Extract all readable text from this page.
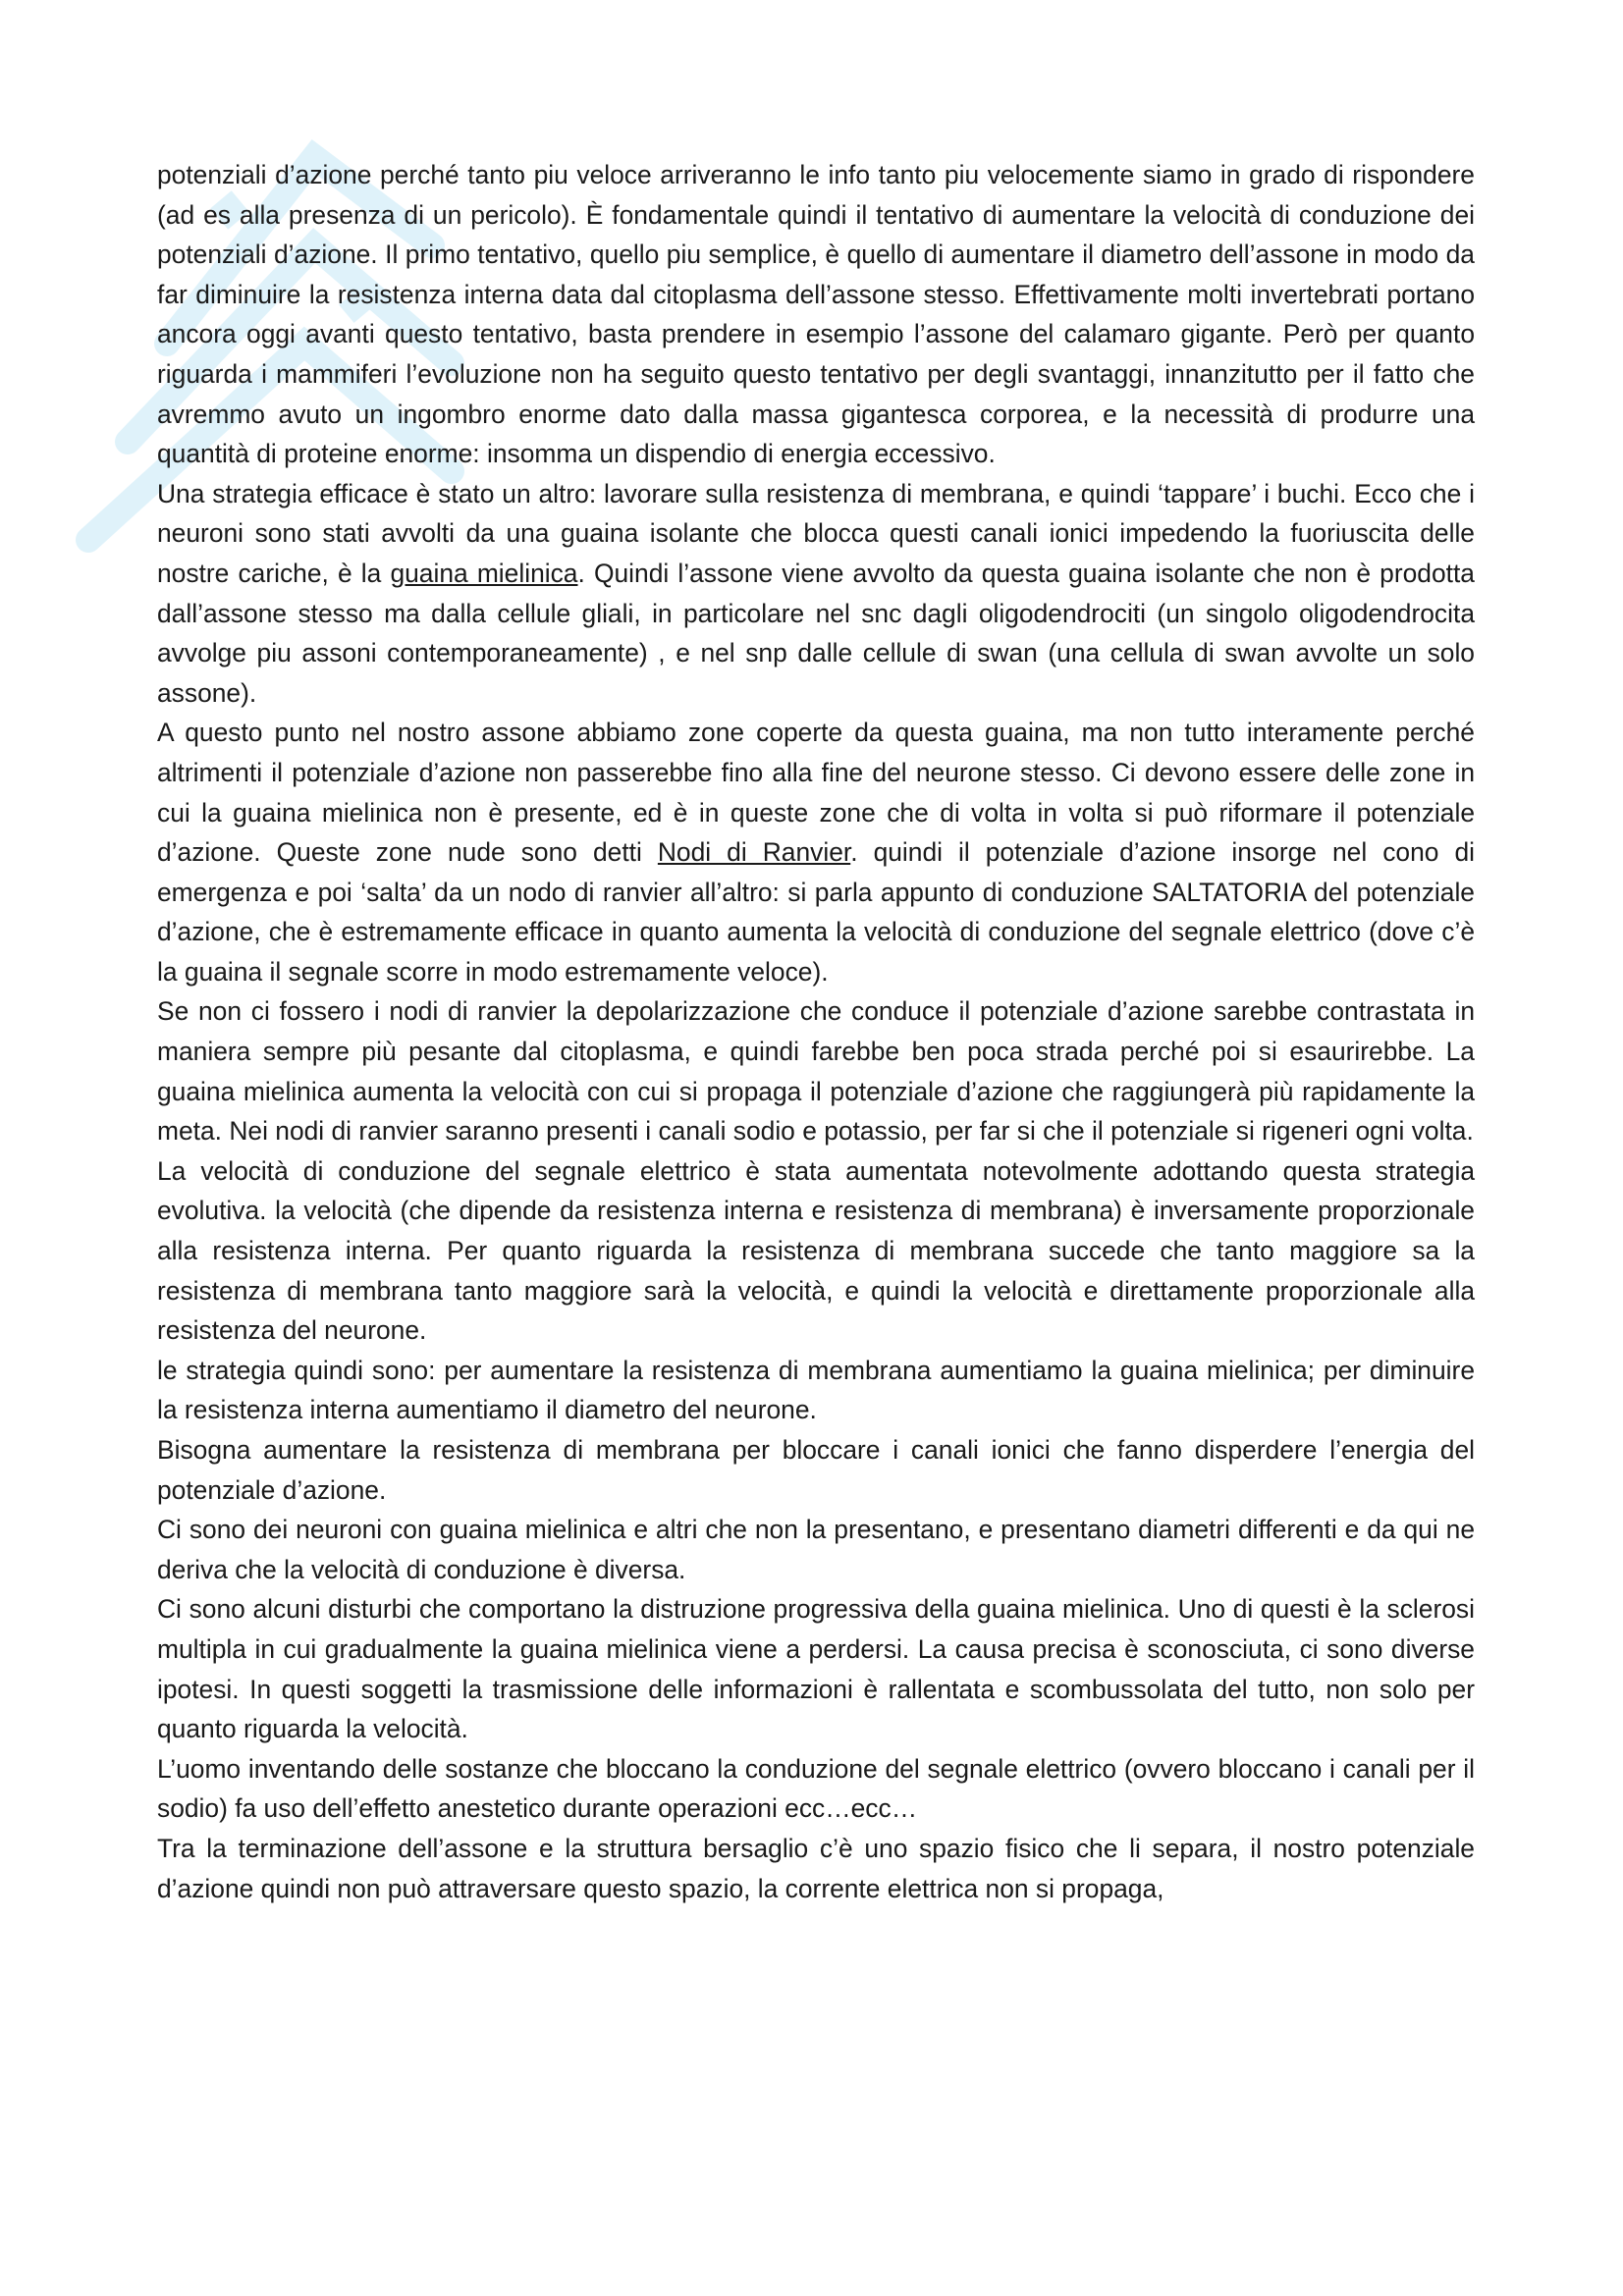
potenziali d’azione perché tanto piu veloce arriveranno le info tanto piu velocemente siamo in grado di rispondere (ad es alla presenza di un pericolo). È fondamentale quindi il tentativo di aumentare la velocità di conduzione dei potenziali d’azione. Il primo tentativo, quello piu semplice, è quello di aumentare il diametro dell’assone in modo da far diminuire la resistenza interna data dal citoplasma dell’assone stesso. Effettivamente molti invertebrati portano ancora oggi avanti questo tentativo, basta prendere in esempio l’assone del calamaro gigante. Però per quanto riguarda i mammiferi l’evoluzione non ha seguito questo tentativo per degli svantaggi, innanzitutto per il fatto che avremmo avuto un ingombro enorme dato dalla massa gigantesca corporea, e la necessità di produrre una quantità di proteine enorme: insomma un dispendio di energia eccessivo.

Una strategia efficace è stato un altro: lavorare sulla resistenza di membrana, e quindi ‘tappare’ i buchi. Ecco che i neuroni sono stati avvolti da una guaina isolante che blocca questi canali ionici impedendo la fuoriuscita delle nostre cariche, è la guaina mielinica. Quindi l’assone viene avvolto da questa guaina isolante che non è prodotta dall’assone stesso ma dalla cellule gliali, in particolare nel snc dagli oligodendrociti (un singolo oligodendrocita avvolge piu assoni contemporaneamente) , e nel snp dalle cellule di swan (una cellula di swan avvolte un solo assone).

A questo punto nel nostro assone abbiamo zone coperte da questa guaina, ma non tutto interamente perché altrimenti il potenziale d’azione non passerebbe fino alla fine del neurone stesso. Ci devono essere delle zone in cui la guaina mielinica non è presente, ed è in queste zone che di volta in volta si può riformare il potenziale d’azione. Queste zone nude sono detti Nodi di Ranvier. quindi il potenziale d’azione insorge nel cono di emergenza e poi ‘salta’ da un nodo di ranvier all’altro: si parla appunto di conduzione SALTATORIA del potenziale d’azione, che è estremamente efficace in quanto aumenta la velocità di conduzione del segnale elettrico (dove c’è la guaina il segnale scorre in modo estremamente veloce).

Se non ci fossero i nodi di ranvier la depolarizzazione che conduce il potenziale d’azione sarebbe contrastata in maniera sempre più pesante dal citoplasma, e quindi farebbe ben poca strada perché poi si esaurirebbe. La guaina mielinica aumenta la velocità con cui si propaga il potenziale d’azione che raggiungerà più rapidamente la meta. Nei nodi di ranvier saranno presenti i canali sodio e potassio, per far si che il potenziale si rigeneri ogni volta.

La velocità di conduzione del segnale elettrico è stata aumentata notevolmente adottando questa strategia evolutiva. la velocità (che dipende da resistenza interna e resistenza di membrana) è inversamente proporzionale alla resistenza interna. Per quanto riguarda la resistenza di membrana succede che tanto maggiore sa la resistenza di membrana tanto maggiore sarà la velocità, e quindi la velocità e direttamente proporzionale alla resistenza del neurone.

le strategia quindi sono: per aumentare la resistenza di membrana aumentiamo la guaina mielinica; per diminuire la resistenza interna aumentiamo il diametro del neurone.

Bisogna aumentare la resistenza di membrana per bloccare i canali ionici che fanno disperdere l’energia del potenziale d’azione.

Ci sono dei neuroni con guaina mielinica e altri che non la presentano, e presentano diametri differenti e da qui ne deriva che la velocità di conduzione è diversa.

Ci sono alcuni disturbi che comportano la distruzione progressiva della guaina mielinica. Uno di questi è la sclerosi multipla in cui gradualmente la guaina mielinica viene a perdersi. La causa precisa è sconosciuta, ci sono diverse ipotesi. In questi soggetti la trasmissione delle informazioni è rallentata e scombussolata del tutto, non solo per quanto riguarda la velocità.

L’uomo inventando delle sostanze che bloccano la conduzione del segnale elettrico (ovvero bloccano i canali per il sodio) fa uso dell’effetto anestetico durante operazioni ecc…ecc…

Tra la terminazione dell’assone e la struttura bersaglio c’è uno spazio fisico che li separa, il nostro potenziale d’azione quindi non può attraversare questo spazio, la corrente elettrica non si propaga,
